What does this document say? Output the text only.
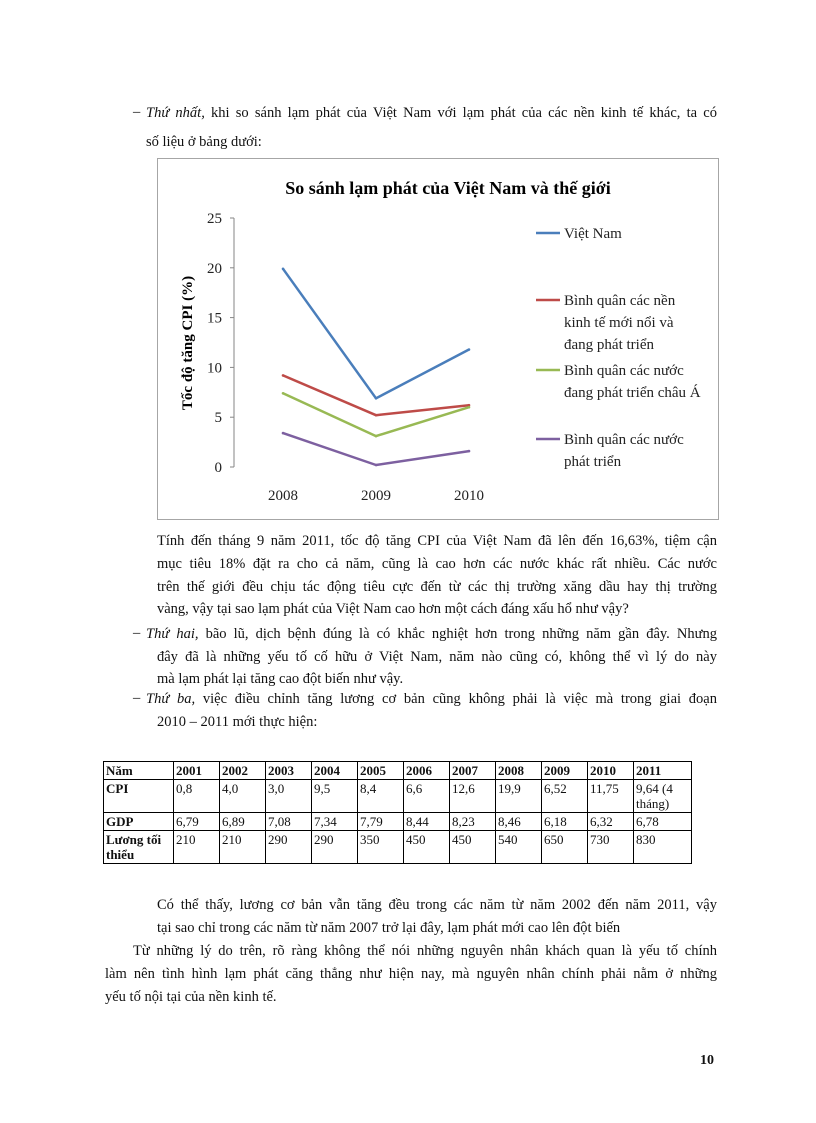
– Thứ nhất, khi so sánh lạm phát của Việt Nam với lạm phát của các nền kinh tế khác, ta có
số liệu ở bảng dưới:
So sánh lạm phát của Việt Nam và thế giới
Tốc độ tăng CPI (%)
0
5
10
15
20
25
2008	2009	2010
Việt Nam
Bình quân các nền
kinh tế mới nổi và
đang phát triển
Bình quân các nước
đang phát triển châu Á
Bình quân các nước
phát triển
Tính đến tháng 9 năm 2011, tốc độ tăng CPI của Việt Nam đã lên đến 16,63%, tiệm cận
mục tiêu 18% đặt ra cho cả năm, cũng là cao hơn các nước khác rất nhiều. Các nước
trên thế giới đều chịu tác động tiêu cực đến từ các thị trường xăng dầu hay thị trường
vàng, vậy tại sao lạm phát của Việt Nam cao hơn một cách đáng xấu hổ như vậy?
– Thứ hai, bão lũ, dịch bệnh đúng là có khắc nghiệt hơn trong những năm gần đây. Nhưng
đây đã là những yếu tố cố hữu ở Việt Nam, năm nào cũng có, không thể vì lý do này
mà lạm phát lại tăng cao đột biến như vậy.
– Thứ ba, việc điều chỉnh tăng lương cơ bản cũng không phải là việc mà trong giai đoạn
2010 – 2011 mới thực hiện:
Năm	2001	2002	2003	2004	2005	2006	2007	2008	2009	2010	2011
CPI	0,8	4,0	3,0	9,5	8,4	6,6	12,6	19,9	6,52	11,75	9,64 (4 tháng)
GDP	6,79	6,89	7,08	7,34	7,79	8,44	8,23	8,46	6,18	6,32	6,78
Lương tối thiểu	210	210	290	290	350	450	450	540	650	730	830
Có thể thấy, lương cơ bản vẫn tăng đều trong các năm từ năm 2002 đến năm 2011, vậy
tại sao chỉ trong các năm từ năm 2007 trở lại đây, lạm phát mới cao lên đột biến
Từ những lý do trên, rõ ràng không thể nói những nguyên nhân khách quan là yếu tố chính
làm nên tình hình lạm phát căng thẳng như hiện nay, mà nguyên nhân chính phải nằm ở những
yếu tố nội tại của nền kinh tế.
10
